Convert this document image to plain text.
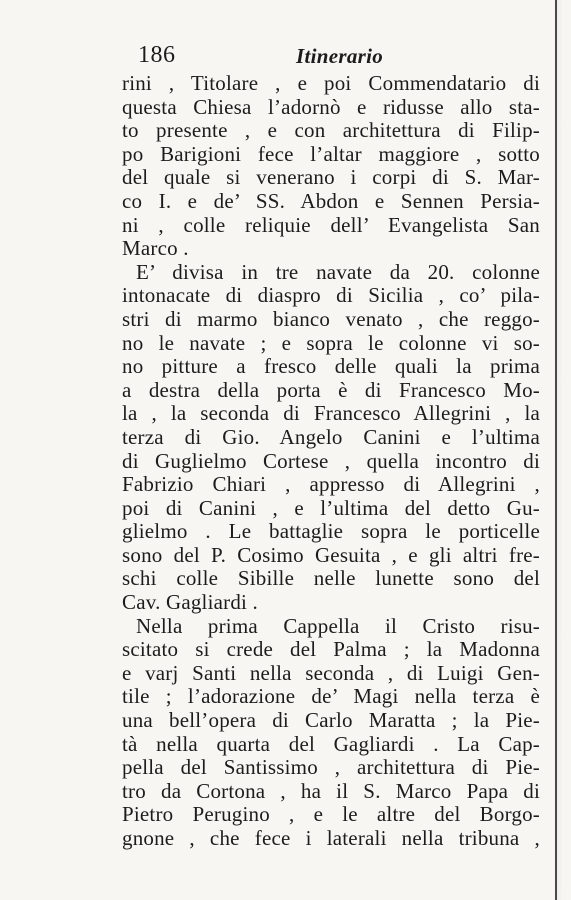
186	Itinerario
rini , Titolare , e poi Commendatario di
questa Chiesa l’adornò e ridusse allo sta-
to presente , e con architettura di Filip-
po Barigioni fece l’altar maggiore , sotto
del quale si venerano i corpi di S. Mar-
co I. e de’ SS. Abdon e Sennen Persia-
ni , colle reliquie dell’ Evangelista San
Marco .
E’ divisa in tre navate da 20. colonne
intonacate di diaspro di Sicilia , co’ pila-
stri di marmo bianco venato , che reggo-
no le navate ; e sopra le colonne vi so-
no pitture a fresco delle quali la prima
a destra della porta è di Francesco Mo-
la , la seconda di Francesco Allegrini , la
terza di Gio. Angelo Canini e l’ultima
di Guglielmo Cortese , quella incontro di
Fabrizio Chiari , appresso di Allegrini ,
poi di Canini , e l’ultima del detto Gu-
glielmo . Le battaglie sopra le porticelle
sono del P. Cosimo Gesuita , e gli altri fre-
schi colle Sibille nelle lunette sono del
Cav. Gagliardi .
Nella prima Cappella il Cristo risu-
scitato si crede del Palma ; la Madonna
e varj Santi nella seconda , di Luigi Gen-
tile ; l’adorazione de’ Magi nella terza è
una bell’opera di Carlo Maratta ; la Pie-
tà nella quarta del Gagliardi . La Cap-
pella del Santissimo , architettura di Pie-
tro da Cortona , ha il S. Marco Papa di
Pietro Perugino , e le altre del Borgo-
gnone , che fece i laterali nella tribuna ,
